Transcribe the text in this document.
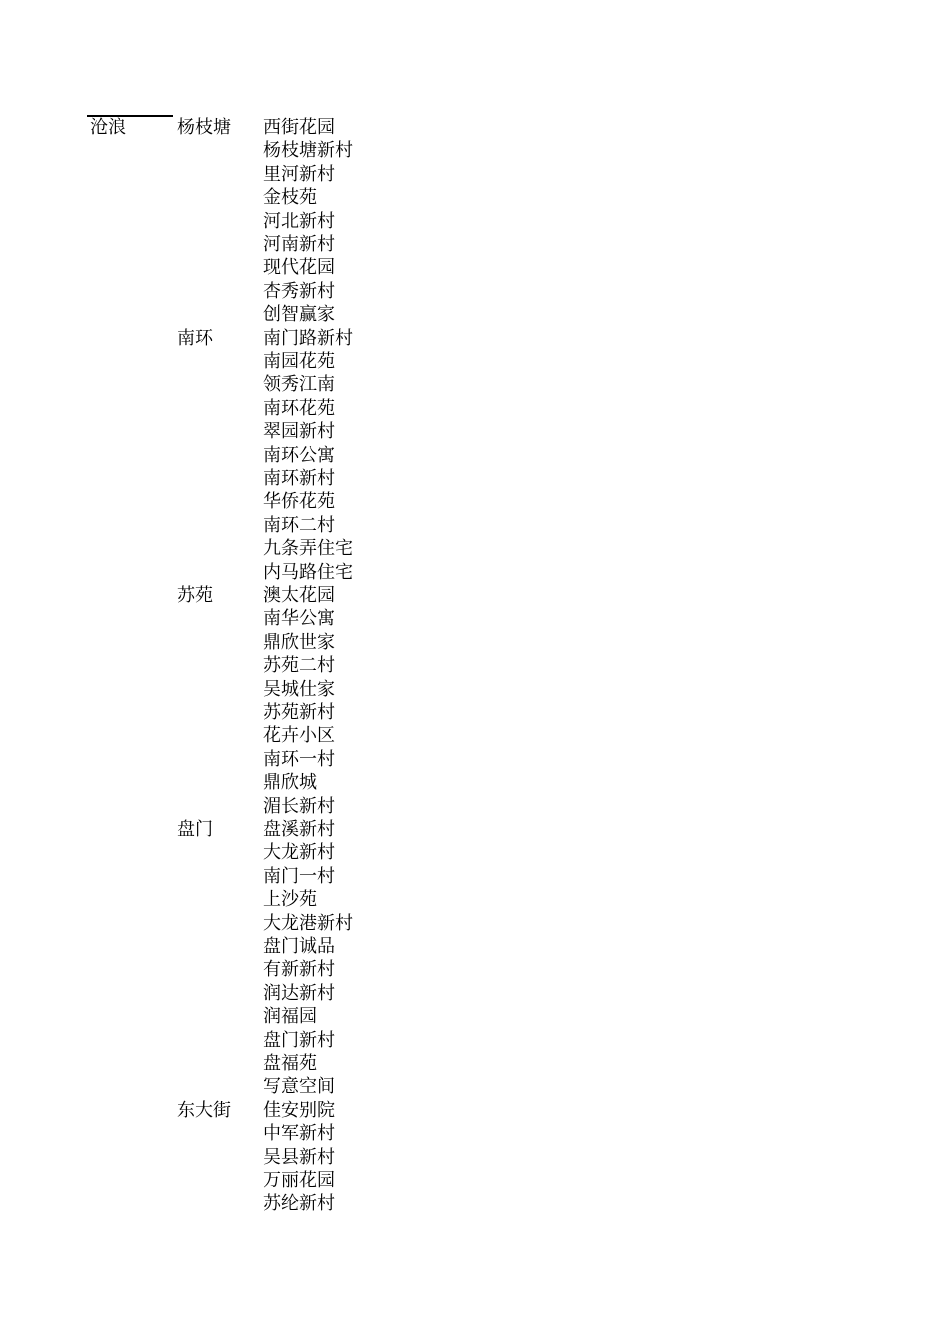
沧浪	杨枝塘 西街花园
杨枝塘新村
里河新村
金枝苑
河北新村
河南新村
现代花园
杏秀新村
创智赢家
南环	南门路新村
南园花苑
领秀江南
南环花苑
翠园新村
南环公寓
南环新村
华侨花苑
南环二村
九条弄住宅
内马路住宅
苏苑	澳太花园
南华公寓
鼎欣世家
苏苑二村
吴城仕家
苏苑新村
花卉小区
南环一村
鼎欣城
湄长新村
盘门	盘溪新村
大龙新村
南门一村
上沙苑
大龙港新村
盘门诚品
有新新村
润达新村
润福园
盘门新村
盘福苑
写意空间
东大街 佳安别院
中军新村
吴县新村
万丽花园
苏纶新村
